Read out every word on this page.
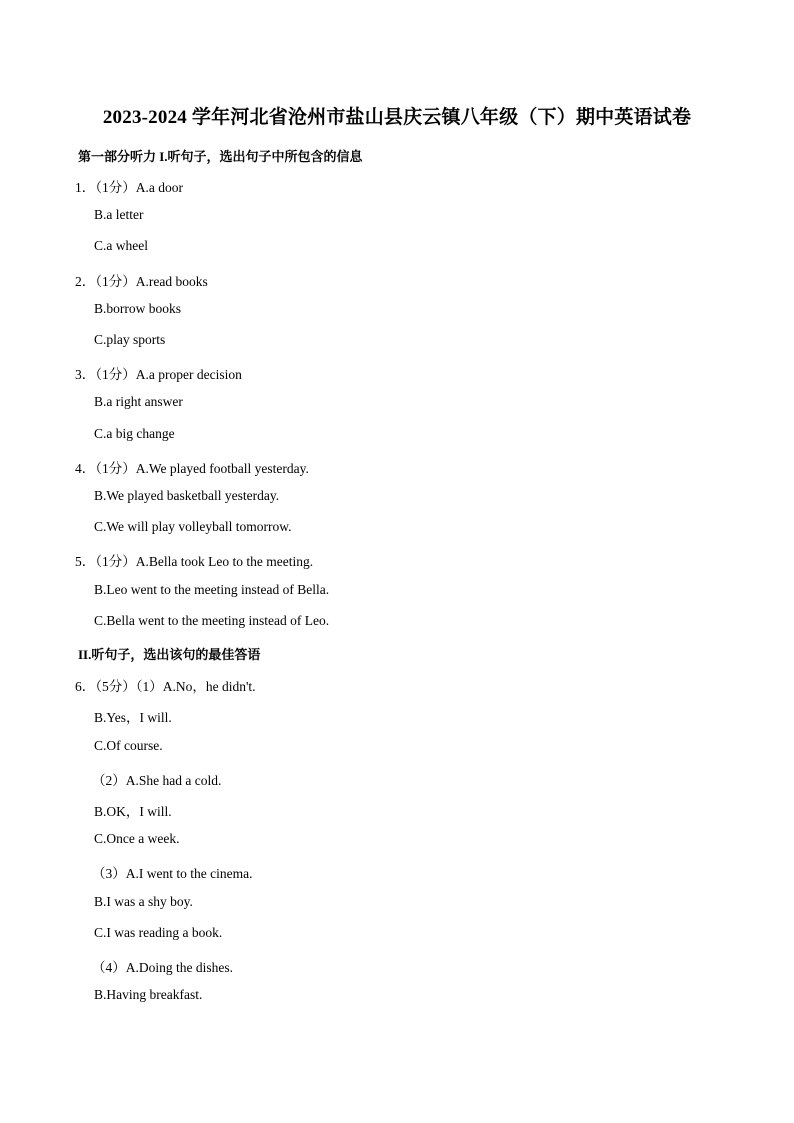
2023-2024 学年河北省沧州市盐山县庆云镇八年级（下）期中英语试卷
第一部分听力 I.听句子，选出句子中所包含的信息
1．（1分）A.a door
B.a letter
C.a wheel
2．（1分）A.read books
B.borrow books
C.play sports
3．（1分）A.a proper decision
B.a right answer
C.a big change
4．（1分）A.We played football yesterday.
B.We played basketball yesterday.
C.We will play volleyball tomorrow.
5．（1分）A.Bella took Leo to the meeting.
B.Leo went to the meeting instead of Bella.
C.Bella went to the meeting instead of Leo.
II.听句子，选出该句的最佳答语
6．（5分）（1）A.No，he didn't.
B.Yes，I will.
C.Of course.
（2）A.She had a cold.
B.OK，I will.
C.Once a week.
（3）A.I went to the cinema.
B.I was a shy boy.
C.I was reading a book.
（4）A.Doing the dishes.
B.Having breakfast.
